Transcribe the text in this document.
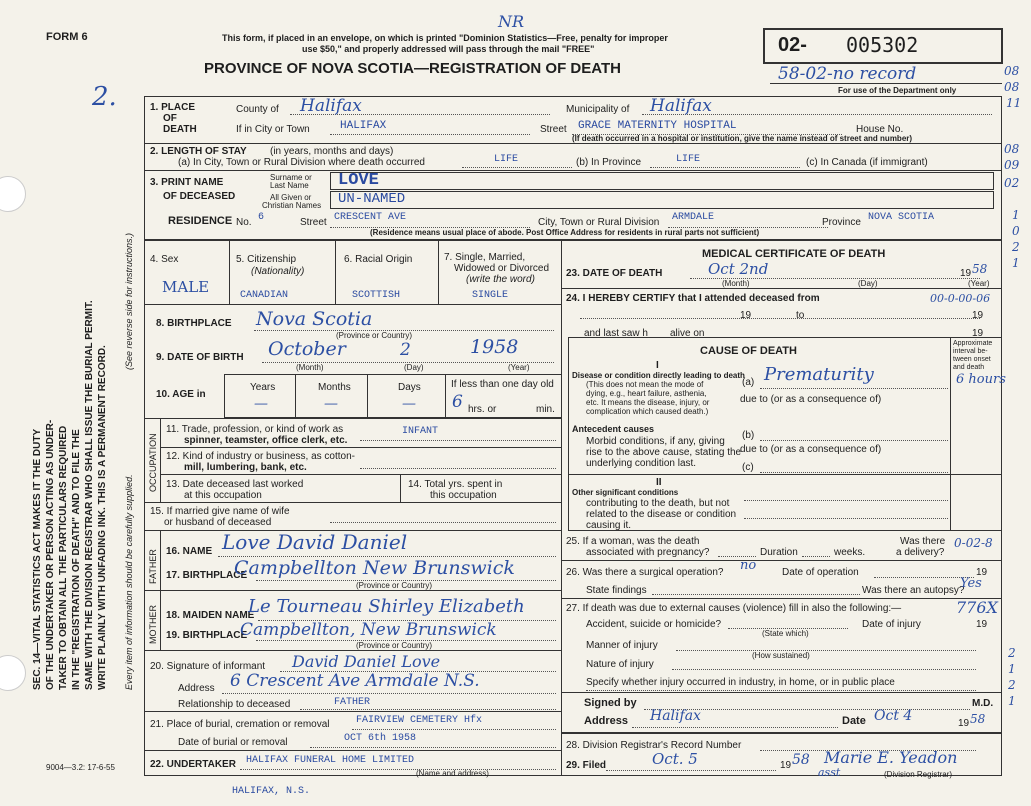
FORM 6
2.
This form, if placed in an envelope, on which is printed "Dominion Statistics—Free, penalty for improper
use $50," and properly addressed will pass through the mail "FREE"
NR
PROVINCE OF NOVA SCOTIA—REGISTRATION OF DEATH
02- 005302
58-02-no record
For use of the Department only
08
08
11
08
09
02
1
0
2
1
2
1
2
1
SEC. 14—VITAL STATISTICS ACT MAKES IT THE DUTY OF THE UNDERTAKER OR PERSON ACTING AS UNDER- TAKER TO OBTAIN ALL THE PARTICULARS REQUIRED IN THE "REGISTRATION OF DEATH" AND TO FILE THE SAME WITH THE DIVISION REGISTRAR WHO SHALL ISSUE THE BURIAL PERMIT. WRITE PLAINLY WITH UNFADING INK. THIS IS A PERMANENT RECORD. Every item of information should be carefully supplied.
(See reverse side for instructions.)
1. PLACE
OF
DEATH
County of Halifax	Municipality of Halifax
If in City or Town	HALIFAX	Street GRACE MATERNITY HOSPITAL	House No.
(If death occurred in a hospital or institution, give the name instead of street and number)
2. LENGTH OF STAY (in years, months and days)
(a) In City, Town or Rural Division where death occurred	LIFE	(b) In Province	LIFE	(c) In Canada (if immigrant)
3. PRINT NAME
OF DECEASED
Surname or
Last Name LOVE
All Given or
Christian Names UN-NAMED
RESIDENCE No. 6	Street CRESCENT AVE	City, Town or Rural Division ARMDALE	Province NOVA SCOTIA
(Residence means usual place of abode. Post Office Address for residents in rural parts not sufficient)
4. Sex
MALE
5. Citizenship
(Nationality)
CANADIAN
6. Racial Origin
SCOTTISH
7. Single, Married,
Widowed or Divorced
(write the word)
SINGLE
8. BIRTHPLACE Nova Scotia
(Province or Country)
9. DATE OF BIRTH October	2	1958
(Month)	(Day)	(Year)
10. AGE in
Years	Months	Days
—	—	—
If less than one day old
6 hrs. or	min.
OCCUPATION
11. Trade, profession, or kind of work as
spinner, teamster, office clerk, etc.
INFANT
12. Kind of industry or business, as cotton-
mill, lumbering, bank, etc.
13. Date deceased last worked
at this occupation
14. Total yrs. spent in
this occupation
15. If married give name of wife
or husband of deceased
FATHER 16. NAME Love David Daniel
17. BIRTHPLACE
Campbellton New Brunswick
(Province or Country)
MOTHER 18. MAIDEN NAME
Le Tourneau Shirley Elizabeth
19. BIRTHPLACE
Campbellton, New Brunswick
(Province or Country)
20. Signature of informant David Daniel Love
Address 6 Crescent Ave Armdale N.S.
Relationship to deceased	FATHER
21. Place of burial, cremation or removal	FAIRVIEW CEMETERY Hfx
Date of burial or removal	OCT 6th 1958
22. UNDERTAKER HALIFAX FUNERAL HOME LIMITED
(Name and address)
HALIFAX, N.S.
9004—3.2: 17-6-55
MEDICAL CERTIFICATE OF DEATH
23. DATE OF DEATH	Oct 2nd	19 58
(Month)	(Day)	(Year)
24. I HEREBY CERTIFY that I attended deceased from	00-0-00-06
19	to	19
and last saw h alive on	19
CAUSE OF DEATH
Approximate interval be-tween onset and death
I
Disease or condition directly leading to death
(This does not mean the mode of
dying, e.g., heart failure, asthenia,
etc. It means the disease, injury, or
complication which caused death.)
(a) Prematurity	6 hours
due to (or as a consequence of)
Antecedent causes
Morbid conditions, if any, giving
rise to the above cause, stating the
underlying condition last.
(b)
due to (or as a consequence of)
(c)
II
Other significant conditions
contributing to the death, but not
related to the disease or condition
causing it.
25. If a woman, was the death
associated with pregnancy?	Duration	weeks.
Was there
a delivery?
0-02-8
26. Was there a surgical operation? no	Date of operation	19
State findings	Was there an autopsy?
Yes
27. If death was due to external causes (violence) fill in also the following:—	776X
Accident, suicide or homicide?	Date of injury	19
(State which)
Manner of injury
(How sustained)
Nature of injury
Specify whether injury occurred in industry, in home, or in public place
Signed by	M.D.
Address Halifax	Date Oct 4	19 58
28. Division Registrar's Record Number
29. Filed	Oct. 5	19 58 Marie E. Yeadon
asst	(Division Registrar)
